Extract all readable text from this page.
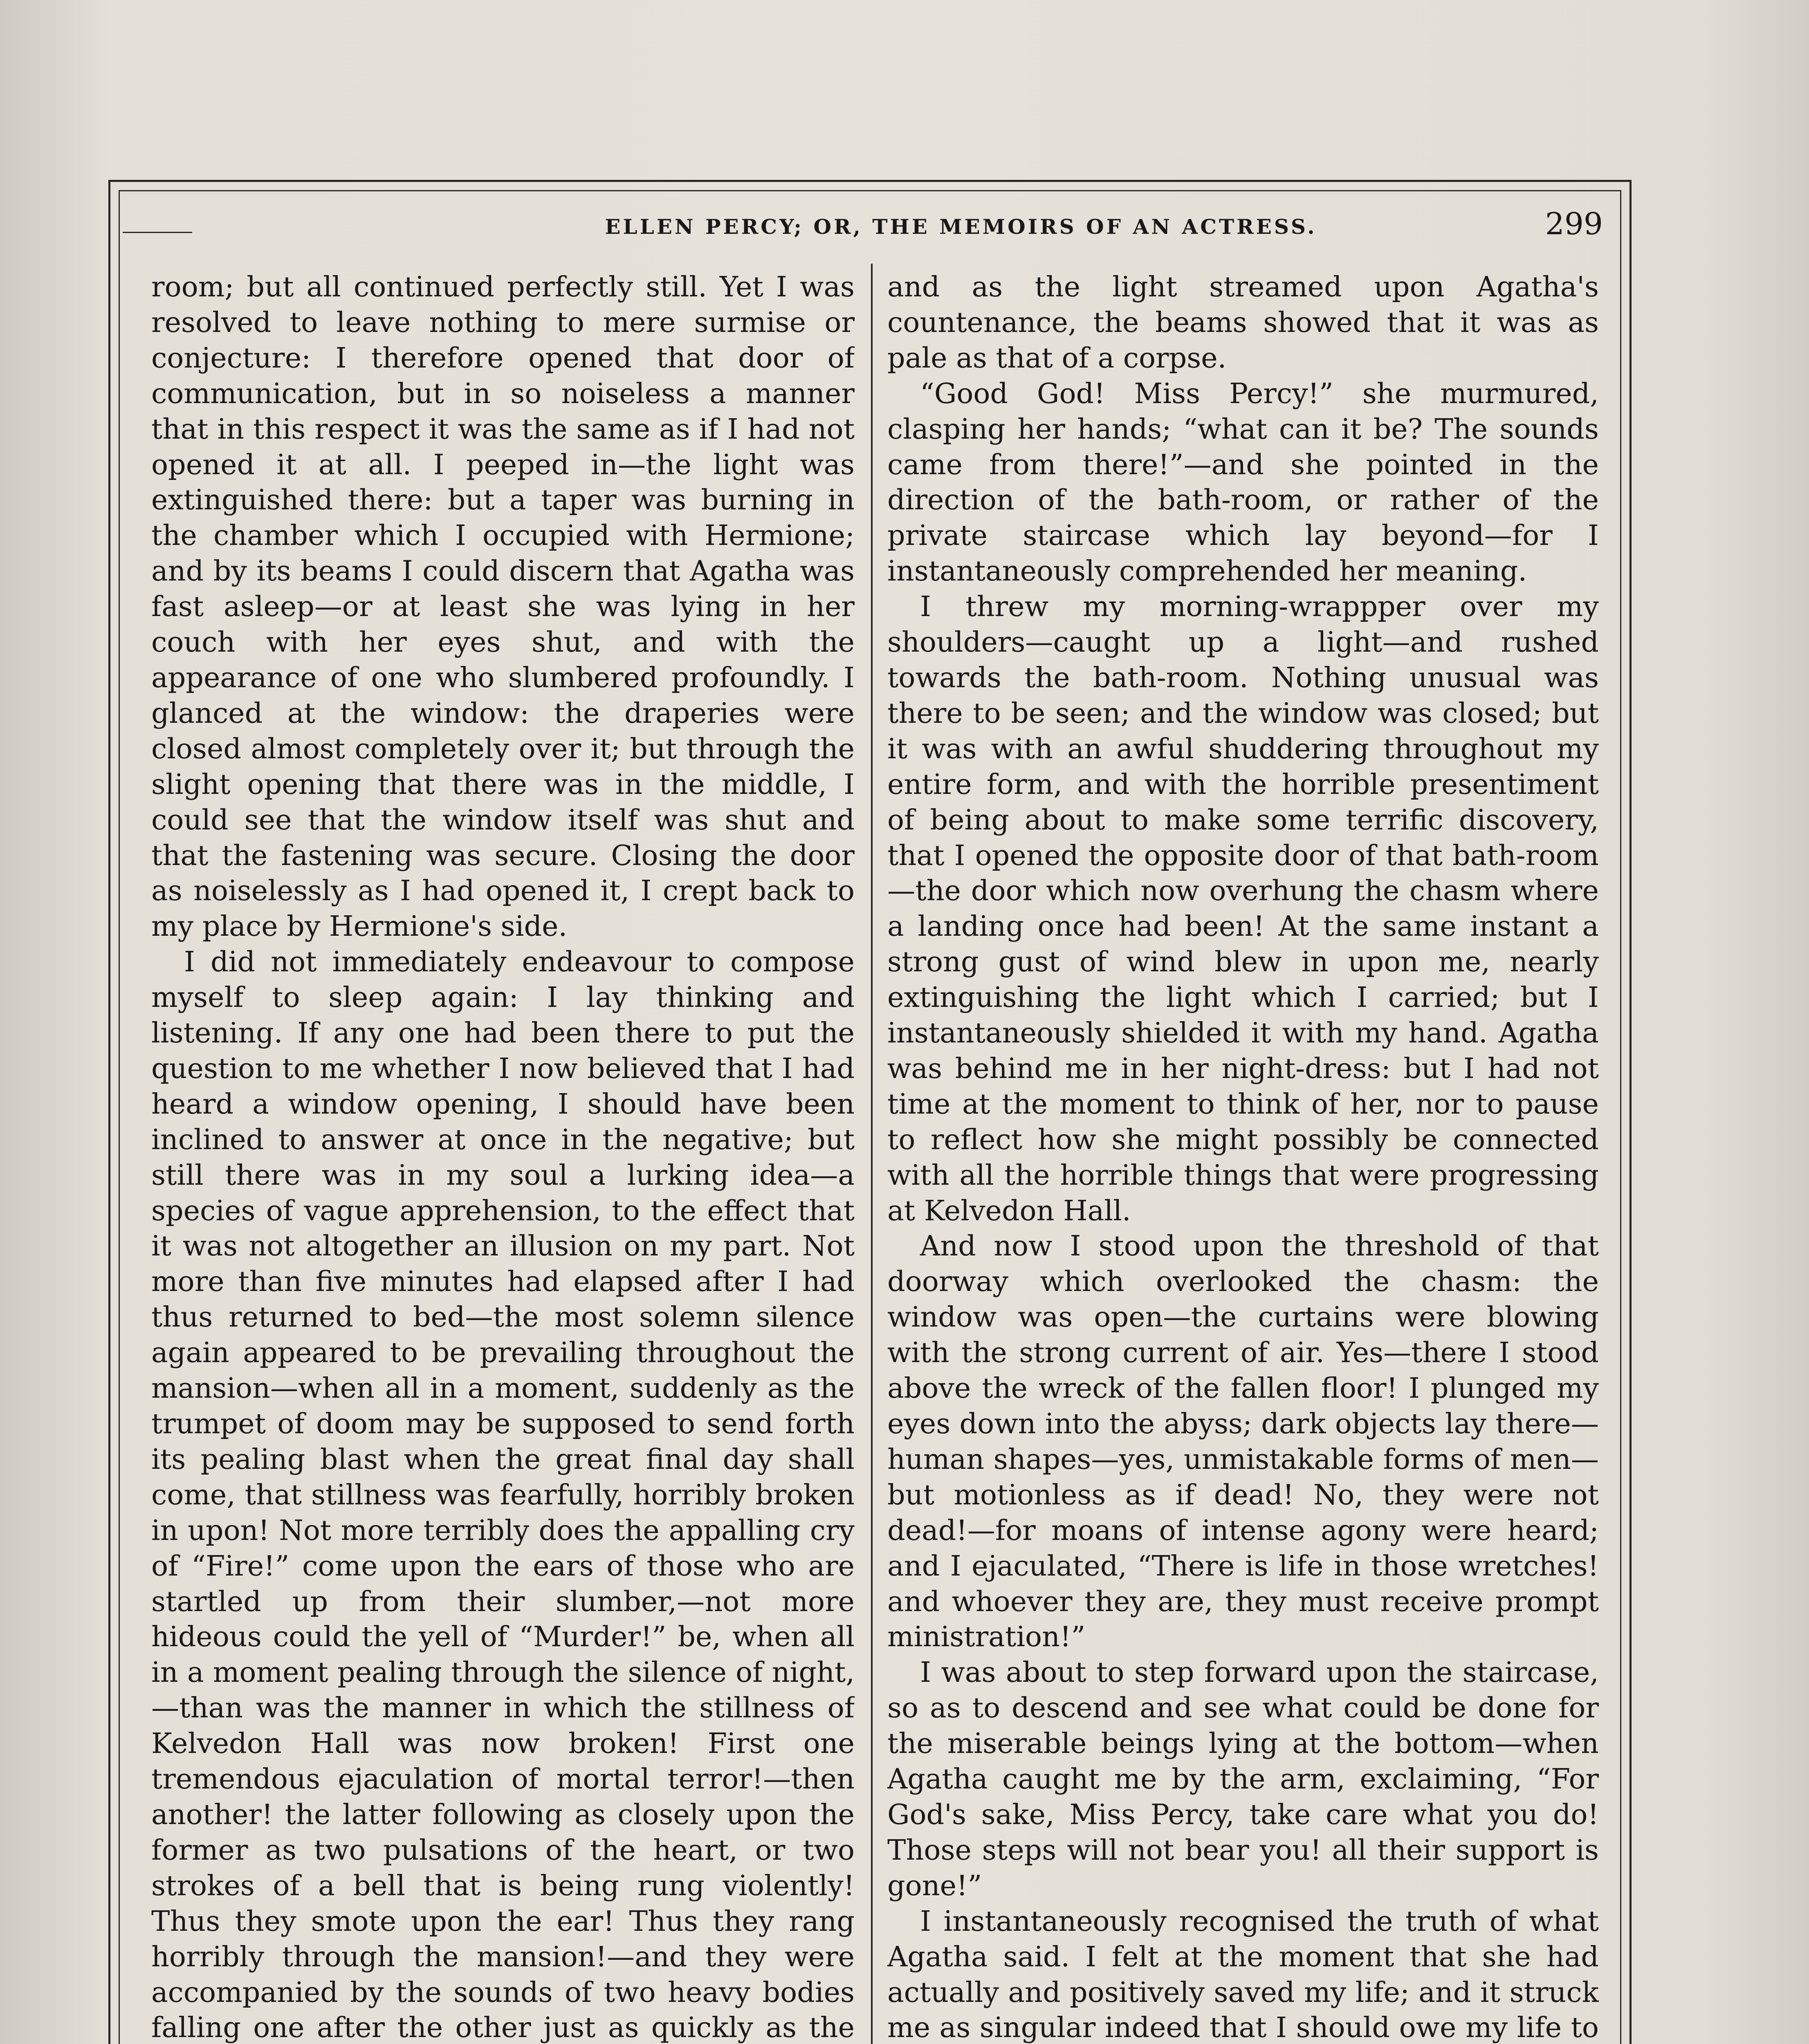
ELLEN PERCY; OR, THE MEMOIRS OF AN ACTRESS.	299

room; but all continued perfectly still. Yet I was resolved to leave nothing to mere surmise or conjecture: I therefore opened that door of communication, but in so noiseless a manner that in this respect it was the same as if I had not opened it at all. I peeped in—the light was extinguished there: but a taper was burning in the chamber which I occupied with Hermione; and by its beams I could discern that Agatha was fast asleep—or at least she was lying in her couch with her eyes shut, and with the appearance of one who slumbered profoundly. I glanced at the window: the draperies were closed almost completely over it; but through the slight opening that there was in the middle, I could see that the window itself was shut and that the fastening was secure. Closing the door as noiselessly as I had opened it, I crept back to my place by Hermione's side.

I did not immediately endeavour to compose myself to sleep again: I lay thinking and listening. If any one had been there to put the question to me whether I now believed that I had heard a window opening, I should have been inclined to answer at once in the negative; but still there was in my soul a lurking idea—a species of vague apprehension, to the effect that it was not altogether an illusion on my part. Not more than five minutes had elapsed after I had thus returned to bed—the most solemn silence again appeared to be prevailing throughout the mansion—when all in a moment, suddenly as the trumpet of doom may be supposed to send forth its pealing blast when the great final day shall come, that stillness was fearfully, horribly broken in upon! Not more terribly does the appalling cry of “Fire!” come upon the ears of those who are startled up from their slumber,—not more hideous could the yell of “Murder!” be, when all in a moment pealing through the silence of night,—than was the manner in which the stillness of Kelvedon Hall was now broken! First one tremendous ejaculation of mortal terror!—then another! the latter following as closely upon the former as two pulsations of the heart, or two strokes of a bell that is being rung violently! Thus they smote upon the ear! Thus they rang horribly through the mansion!—and they were accompanied by the sounds of two heavy bodies falling one after the other just as quickly as the

and as the light streamed upon Agatha's countenance, the beams showed that it was as pale as that of a corpse.

“Good God! Miss Percy!” she murmured, clasping her hands; “what can it be? The sounds came from there!”—and she pointed in the direction of the bath-room, or rather of the private staircase which lay beyond—for I instantaneously comprehended her meaning.

I threw my morning-wrappper over my shoulders—caught up a light—and rushed towards the bath-room. Nothing unusual was there to be seen; and the window was closed; but it was with an awful shuddering throughout my entire form, and with the horrible presentiment of being about to make some terrific discovery, that I opened the opposite door of that bath-room—the door which now overhung the chasm where a landing once had been! At the same instant a strong gust of wind blew in upon me, nearly extinguishing the light which I carried; but I instantaneously shielded it with my hand. Agatha was behind me in her night-dress: but I had not time at the moment to think of her, nor to pause to reflect how she might possibly be connected with all the horrible things that were progressing at Kelvedon Hall.

And now I stood upon the threshold of that doorway which overlooked the chasm: the window was open—the curtains were blowing with the strong current of air. Yes—there I stood above the wreck of the fallen floor! I plunged my eyes down into the abyss; dark objects lay there—human shapes—yes, unmistakable forms of men—but motionless as if dead! No, they were not dead!—for moans of intense agony were heard; and I ejaculated, “There is life in those wretches! and whoever they are, they must receive prompt ministration!”

I was about to step forward upon the staircase, so as to descend and see what could be done for the miserable beings lying at the bottom—when Agatha caught me by the arm, exclaiming, “For God's sake, Miss Percy, take care what you do! Those steps will not bear you! all their support is gone!”

I instantaneously recognised the truth of what Agatha said. I felt at the moment that she had actually and positively saved my life; and it struck me as singular indeed that I should owe my life to
